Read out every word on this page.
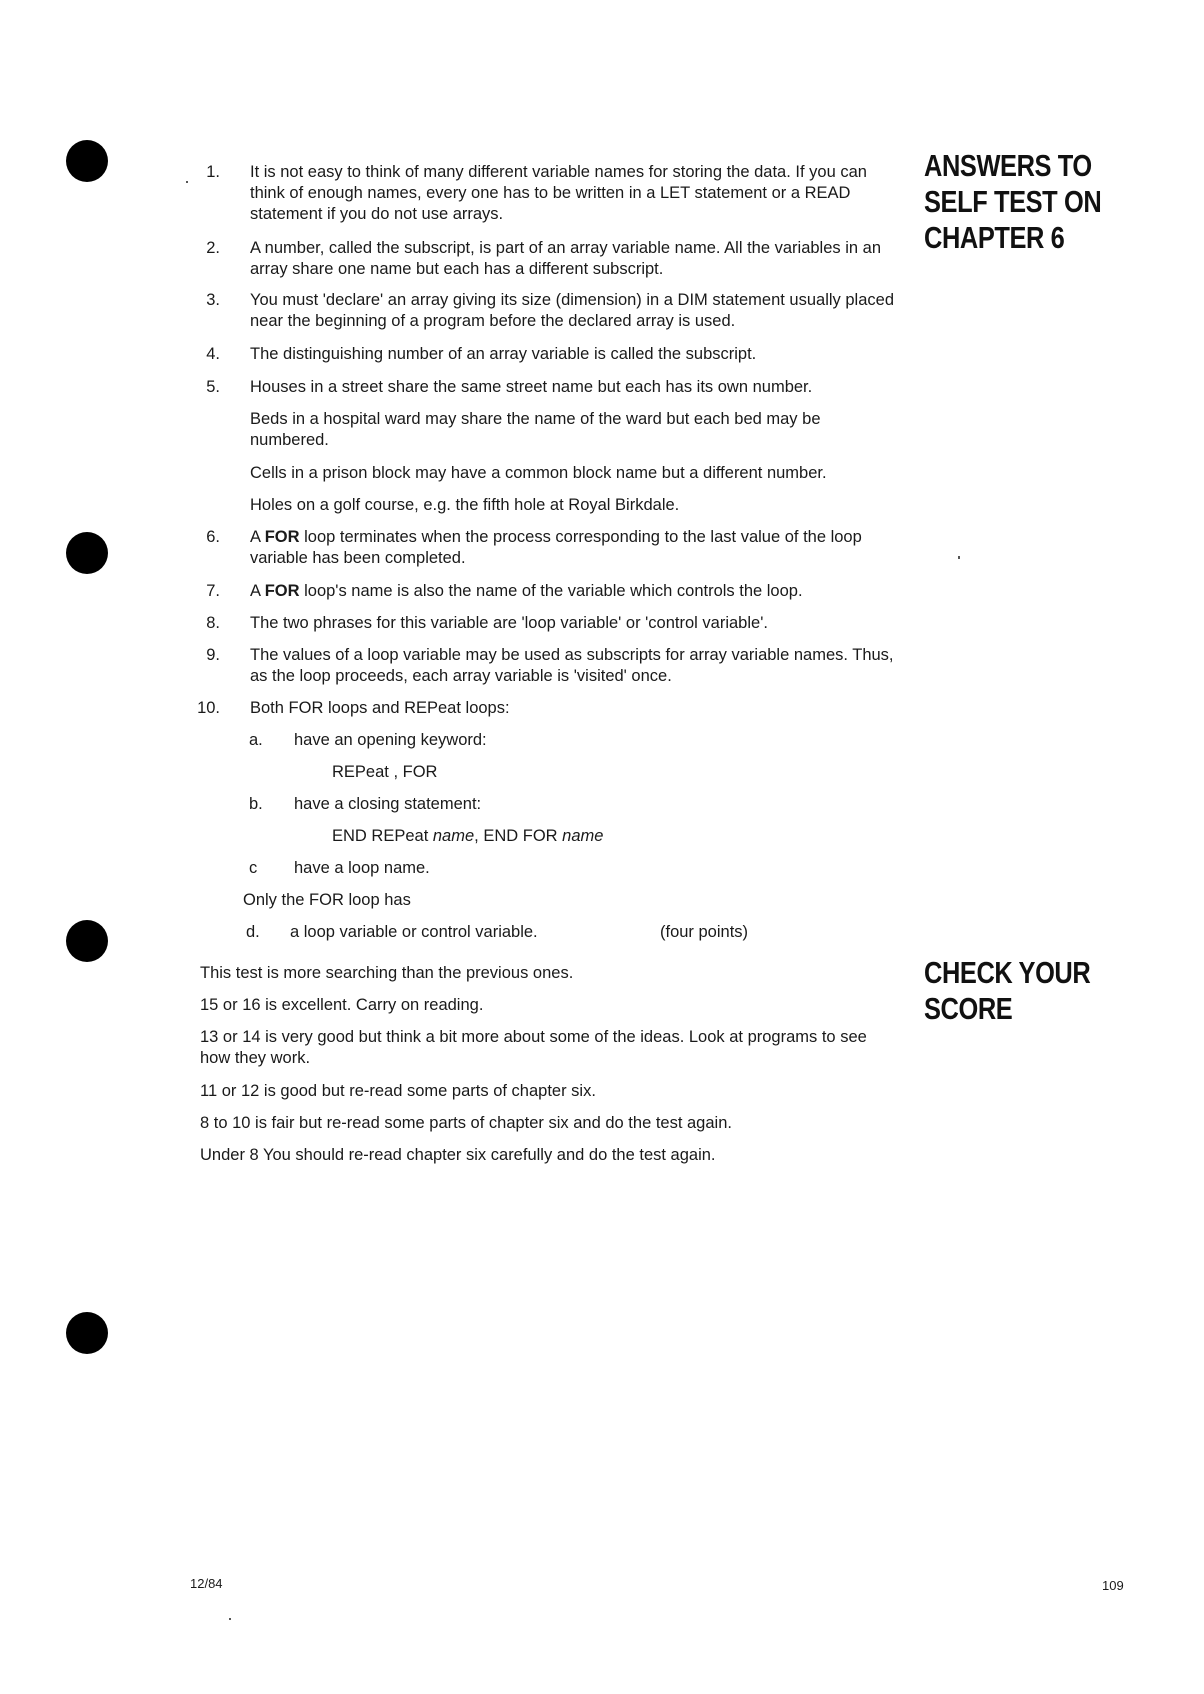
ANSWERS TO
SELF TEST ON
CHAPTER 6
CHECK YOUR
SCORE
1. It is not easy to think of many different variable names for storing the data. If you can think of enough names, every one has to be written in a LET statement or a READ statement if you do not use arrays.
2. A number, called the subscript, is part of an array variable name. All the variables in an array share one name but each has a different subscript.
3. You must 'declare' an array giving its size (dimension) in a DIM statement usually placed near the beginning of a program before the declared array is used.
4. The distinguishing number of an array variable is called the subscript.
5. Houses in a street share the same street name but each has its own number.
Beds in a hospital ward may share the name of the ward but each bed may be numbered.
Cells in a prison block may have a common block name but a different number.
Holes on a golf course, e.g. the fifth hole at Royal Birkdale.
6. A FOR loop terminates when the process corresponding to the last value of the loop variable has been completed.
7. A FOR loop's name is also the name of the variable which controls the loop.
8. The two phrases for this variable are 'loop variable' or 'control variable'.
9. The values of a loop variable may be used as subscripts for array variable names. Thus, as the loop proceeds, each array variable is 'visited' once.
10. Both FOR loops and REPeat loops:
a. have an opening keyword:
REPeat , FOR
b. have a closing statement:
END REPeat name, END FOR name
c have a loop name.
Only the FOR loop has
d. a loop variable or control variable.	(four points)
This test is more searching than the previous ones.
15 or 16 is excellent. Carry on reading.
13 or 14 is very good but think a bit more about some of the ideas. Look at programs to see how they work.
11 or 12 is good but re-read some parts of chapter six.
8 to 10 is fair but re-read some parts of chapter six and do the test again.
Under 8 You should re-read chapter six carefully and do the test again.
12/84	109
